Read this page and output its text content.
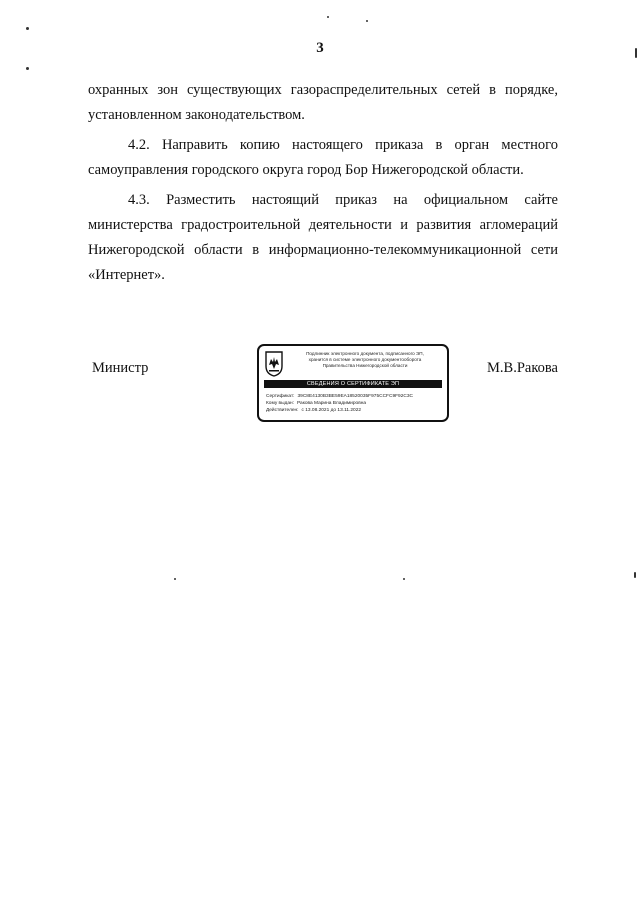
3

охранных зон существующих газораспределительных сетей в порядке, установленном законодательством.

4.2. Направить копию настоящего приказа в орган местного самоуправления городского округа город Бор Нижегородской области.

4.3. Разместить настоящий приказ на официальном сайте министерства градостроительной деятельности и развития агломераций Нижегородской области в информационно-телекоммуникационной сети «Интернет».

Министр
Подлинник электронного документа, подписанного ЭП,
хранится в системе электронного документооборота
Правительства Нижегородской области
СВЕДЕНИЯ О СЕРТИФИКАТЕ ЭП
Сертификат: 39C8E4130B3BE59EA18520035F975CCFC9F92C3C
Кому выдан: Ракова Марина Владимировна
Действителен: с 13.08.2021 до 13.11.2022
М.В.Ракова
